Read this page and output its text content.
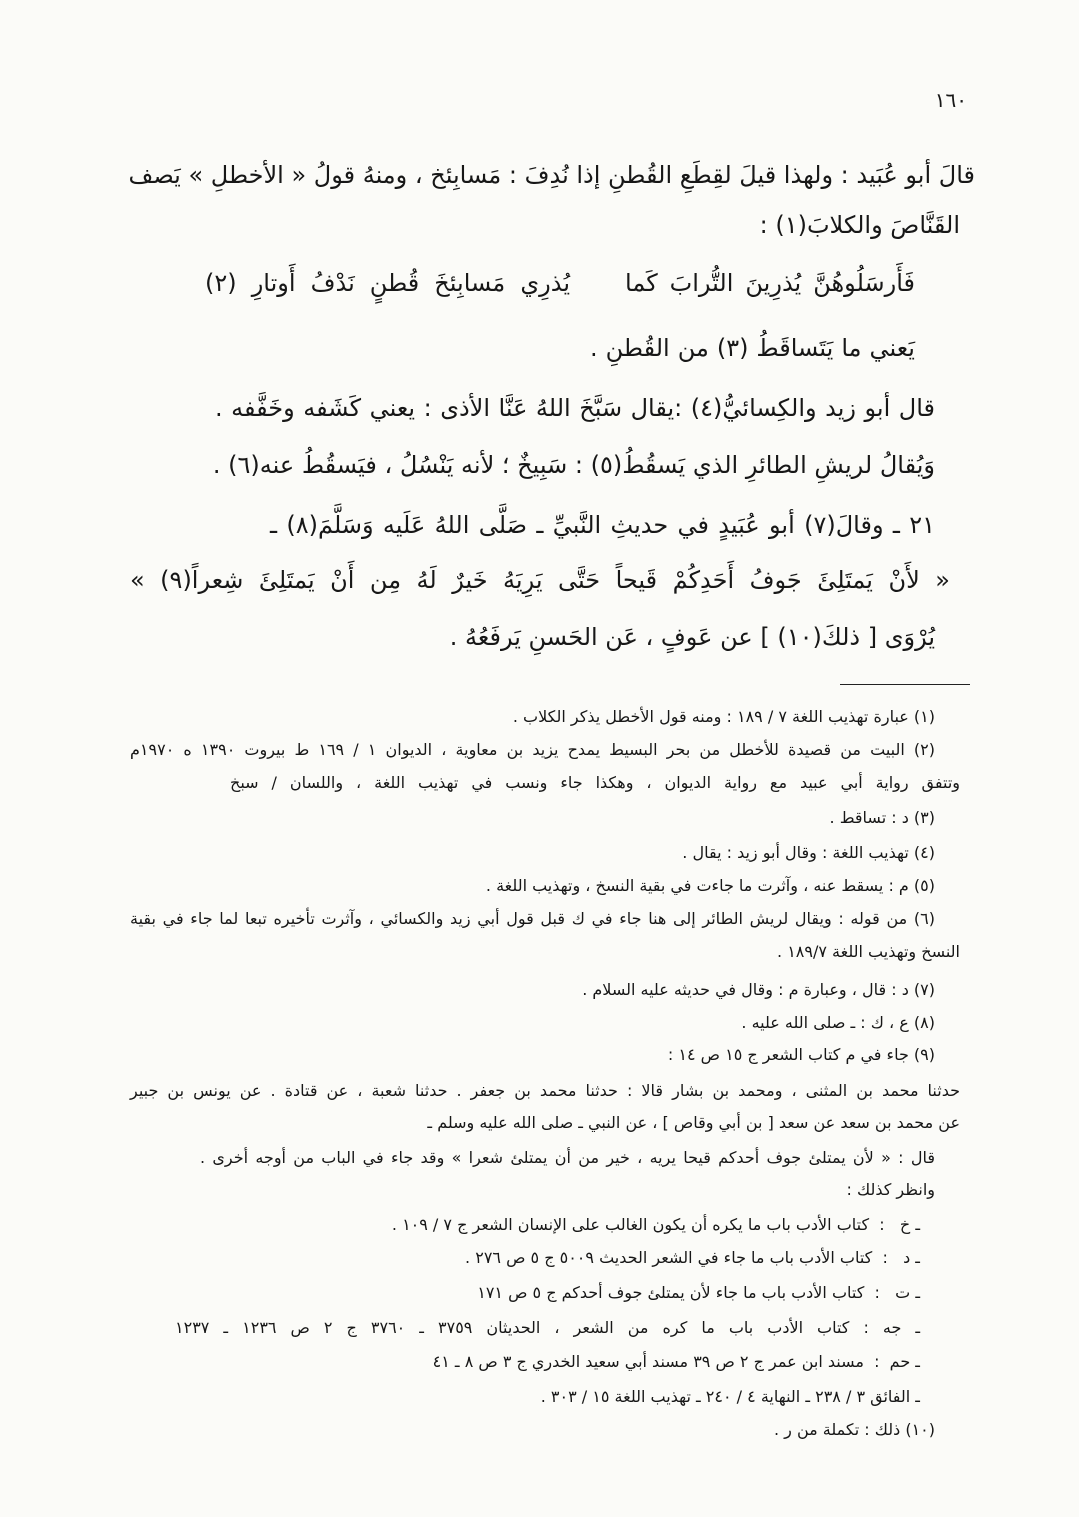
١٦٠
قالَ أبو عُبَيد : ولهذا قيلَ لقِطَعِ القُطنِ إذا نُدِفَ : مَسابِئخ ، ومنهُ قولُ « الأخطلِ » يَصف
القَنَّاصَ والكلابَ(١) :
فَأَرسَلُوهُنَّ يُذرِينَ التُّرابَ كَما
يُذرِي مَسابِئخَ قُطنٍ نَدْفُ أَوتارِ (٢)
يَعني ما يَتَساقَطُ (٣) من القُطنِ .
قال أبو زيد والكِسائيُّ(٤) :يقال سَبَّخَ اللهُ عَنَّا الأذى : يعني كَشَفه وخَفَّفه .
وَيُقالُ لريشِ الطائرِ الذي يَسقُطُ(٥) : سَبِيخٌ ؛ لأنه يَنْسُلُ ، فيَسقُطُ عنه(٦) .
٢١ ـ وقالَ(٧) أبو عُبَيدٍ في حديثِ النَّبيِّ ـ صَلَّى اللهُ عَلَيه وَسَلَّمَ(٨) ـ
« لأَنْ يَمتَلِئَ جَوفُ أَحَدِكُمْ قَيحاً حَتَّى يَرِيَهُ خَيرٌ لَهُ مِن أَنْ يَمتَلِئَ شِعراً(٩) »
يُرْوَى [ ذلكَ(١٠) ] عن عَوفٍ ، عَن الحَسنِ يَرفَعُهُ .
(١) عبارة تهذيب اللغة ٧ / ١٨٩ : ومنه قول الأخطل يذكر الكلاب .
(٢) البيت من قصيدة للأخطل من بحر البسيط يمدح يزيد بن معاوية ، الديوان ١ / ١٦٩ ط بيروت ١٣٩٠ ه ١٩٧٠م
وتتفق رواية أبي عبيد مع رواية الديوان ، وهكذا جاء ونسب في تهذيب اللغة ، واللسان / سبخ
(٣) د : تساقط .
(٤) تهذيب اللغة : وقال أبو زيد : يقال .
(٥) م : يسقط عنه ، وآثرت ما جاءت في بقية النسخ ، وتهذيب اللغة .
(٦) من قوله : ويقال لريش الطائر إلى هنا جاء في ك قبل قول أبي زيد والكسائي ، وآثرت تأخيره تبعا لما جاء في بقية
النسخ وتهذيب اللغة ١٨٩/٧ .
(٧) د : قال ، وعبارة م : وقال في حديثه عليه السلام .
(٨) ع ، ك : ـ صلى الله عليه .
(٩) جاء في م كتاب الشعر ج ١٥ ص ١٤ :
حدثنا محمد بن المثنى ، ومحمد بن بشار قالا : حدثنا محمد بن جعفر . حدثنا شعبة ، عن قتادة . عن يونس بن جبير
عن محمد بن سعد عن سعد [ بن أبي وقاص ] ، عن النبي ـ صلى الله عليه وسلم ـ
قال : « لأن يمتلئ جوف أحدكم قيحا يريه ، خير من أن يمتلئ شعرا » وقد جاء في الباب من أوجه أخرى .
وانظر كذلك :
ـ خ   :  كتاب الأدب باب ما يكره أن يكون الغالب على الإنسان الشعر ج ٧ / ١٠٩ .
ـ د   :  كتاب الأدب باب ما جاء في الشعر الحديث ٥٠٠٩ ج ٥ ص ٢٧٦ .
ـ ت   :  كتاب الأدب باب ما جاء لأن يمتلئ جوف أحدكم ج ٥ ص ١٧١
ـ جه : كتاب الأدب باب ما كره من الشعر ، الحديثان ٣٧٥٩ ـ ٣٧٦٠ ج ٢ ص ١٢٣٦ ـ ١٢٣٧
ـ حم  :  مسند ابن عمر ج ٢ ص ٣٩ مسند أبي سعيد الخدري ج ٣ ص ٨ ـ ٤١
ـ الفائق ٣ / ٢٣٨ ـ النهاية ٤ / ٢٤٠ ـ تهذيب اللغة ١٥ / ٣٠٣ .
(١٠) ذلك : تكملة من ر .
